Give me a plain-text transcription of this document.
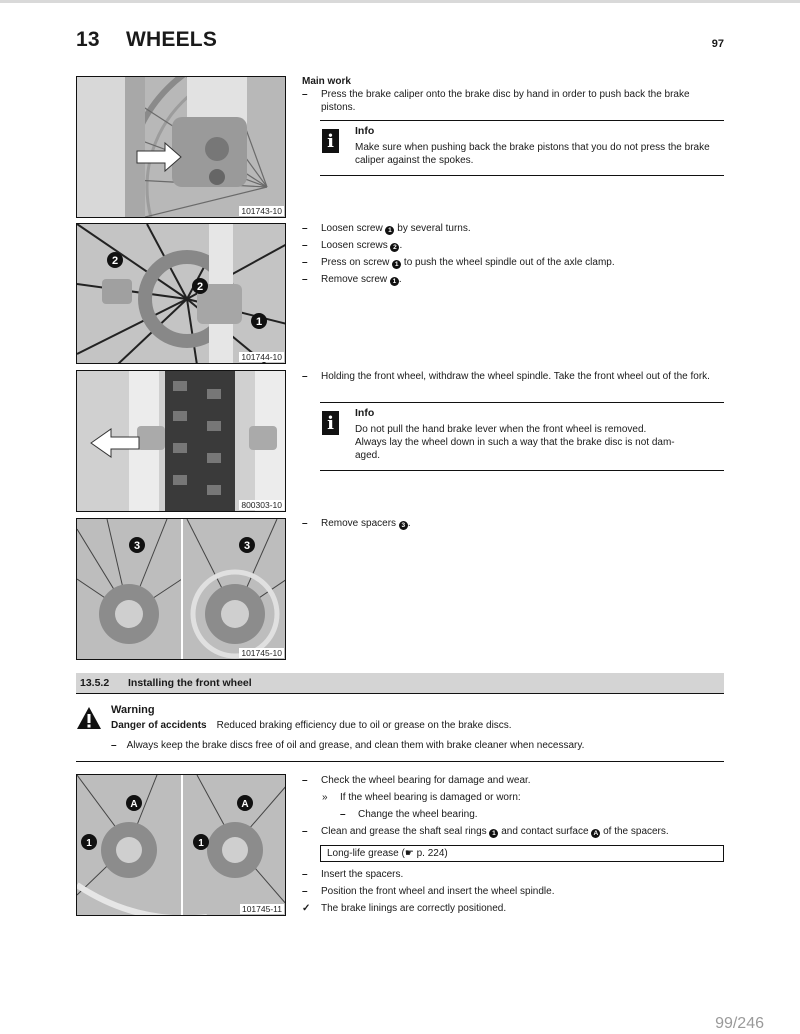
13 WHEELS	97
101743-10
2
2
1
101744-10
800303-10
3	3
101745-10
A	A
1	1
101745-11
Main work
– Press the brake caliper onto the brake disc by hand in order to push back the brake pistons.
i	Info
Make sure when pushing back the brake pistons that you do not press the brake caliper against the spokes.
– Loosen screw 1 by several turns.
– Loosen screws 2 .
– Press on screw 1 to push the wheel spindle out of the axle clamp.
– Remove screw 1 .
– Holding the front wheel, withdraw the wheel spindle. Take the front wheel out of the fork.
i	Info
Do not pull the hand brake lever when the front wheel is removed.
Always lay the wheel down in such a way that the brake disc is not dam-
aged.
– Remove spacers 3 .
13.5.2 Installing the front wheel
Warning
Danger of accidents Reduced braking efficiency due to oil or grease on the brake discs.
– Always keep the brake discs free of oil and grease, and clean them with brake cleaner when necessary.
– Check the wheel bearing for damage and wear.
» If the wheel bearing is damaged or worn:
– Change the wheel bearing.
– Clean and grease the shaft seal rings 1 and contact surface A of the spacers.
Long-life grease (☛ p. 224)
– Insert the spacers.
– Position the front wheel and insert the wheel spindle.
✓ The brake linings are correctly positioned.
99/246
